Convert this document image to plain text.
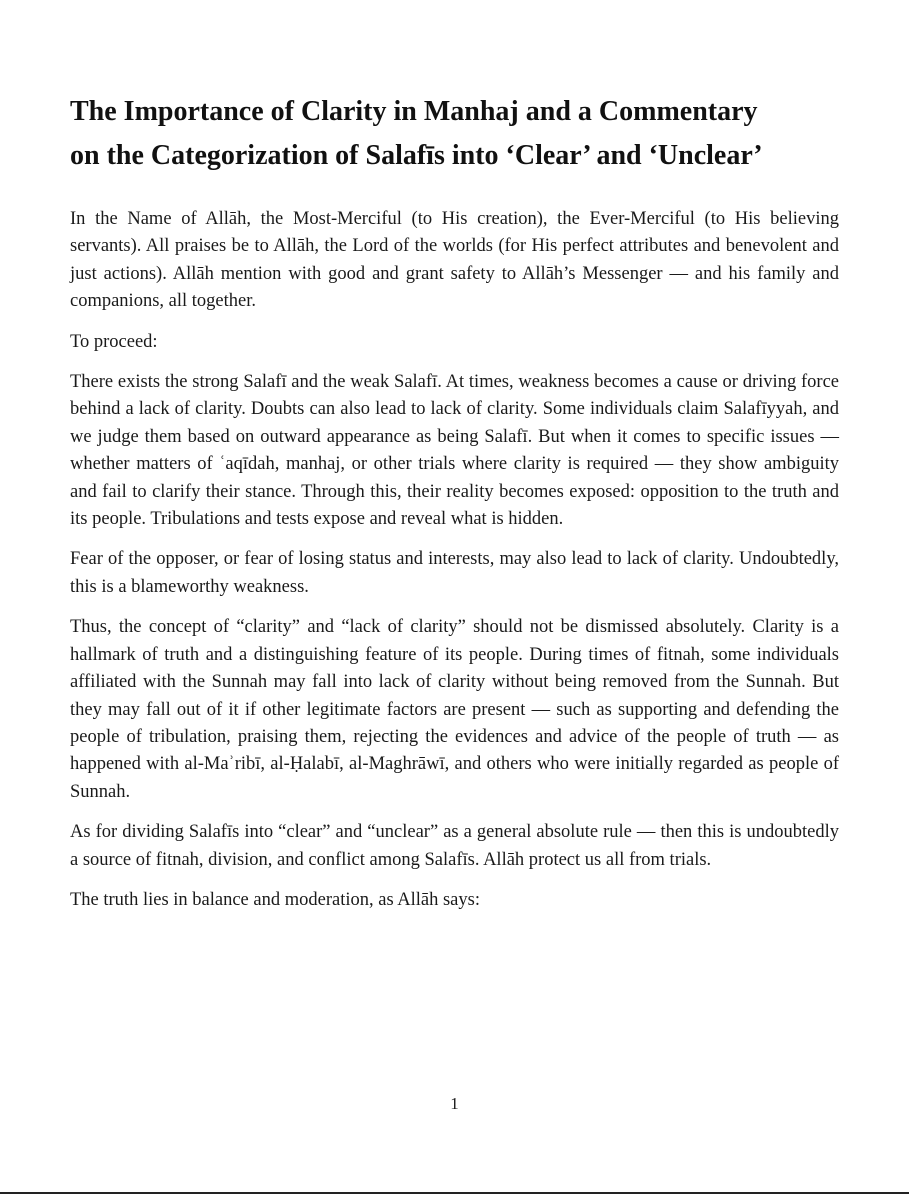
The Importance of Clarity in Manhaj and a Commentary
on the Categorization of Salafīs into ‘Clear’ and ‘Unclear’

In the Name of Allāh, the Most-Merciful (to His creation), the Ever-Merciful (to His believing servants). All praises be to Allāh, the Lord of the worlds (for His perfect attributes and benevolent and just actions). Allāh mention with good and grant safety to Allāh’s Messenger — and his family and companions, all together.

To proceed:

There exists the strong Salafī and the weak Salafī. At times, weakness becomes a cause or driving force behind a lack of clarity. Doubts can also lead to lack of clarity. Some individuals claim Salafīyyah, and we judge them based on outward appearance as being Salafī. But when it comes to specific issues — whether matters of ʿaqīdah, manhaj, or other trials where clarity is required — they show ambiguity and fail to clarify their stance. Through this, their reality becomes exposed: opposition to the truth and its people. Tribulations and tests expose and reveal what is hidden.

Fear of the opposer, or fear of losing status and interests, may also lead to lack of clarity. Undoubtedly, this is a blameworthy weakness.

Thus, the concept of “clarity” and “lack of clarity” should not be dismissed absolutely. Clarity is a hallmark of truth and a distinguishing feature of its people. During times of fitnah, some individuals affiliated with the Sunnah may fall into lack of clarity without being removed from the Sunnah. But they may fall out of it if other legitimate factors are present — such as supporting and defending the people of tribulation, praising them, rejecting the evidences and advice of the people of truth — as happened with al-Maʾribī, al-Ḥalabī, al-Maghrāwī, and others who were initially regarded as people of Sunnah.

As for dividing Salafīs into “clear” and “unclear” as a general absolute rule — then this is undoubtedly a source of fitnah, division, and conflict among Salafīs. Allāh protect us all from trials.

The truth lies in balance and moderation, as Allāh says:

1
